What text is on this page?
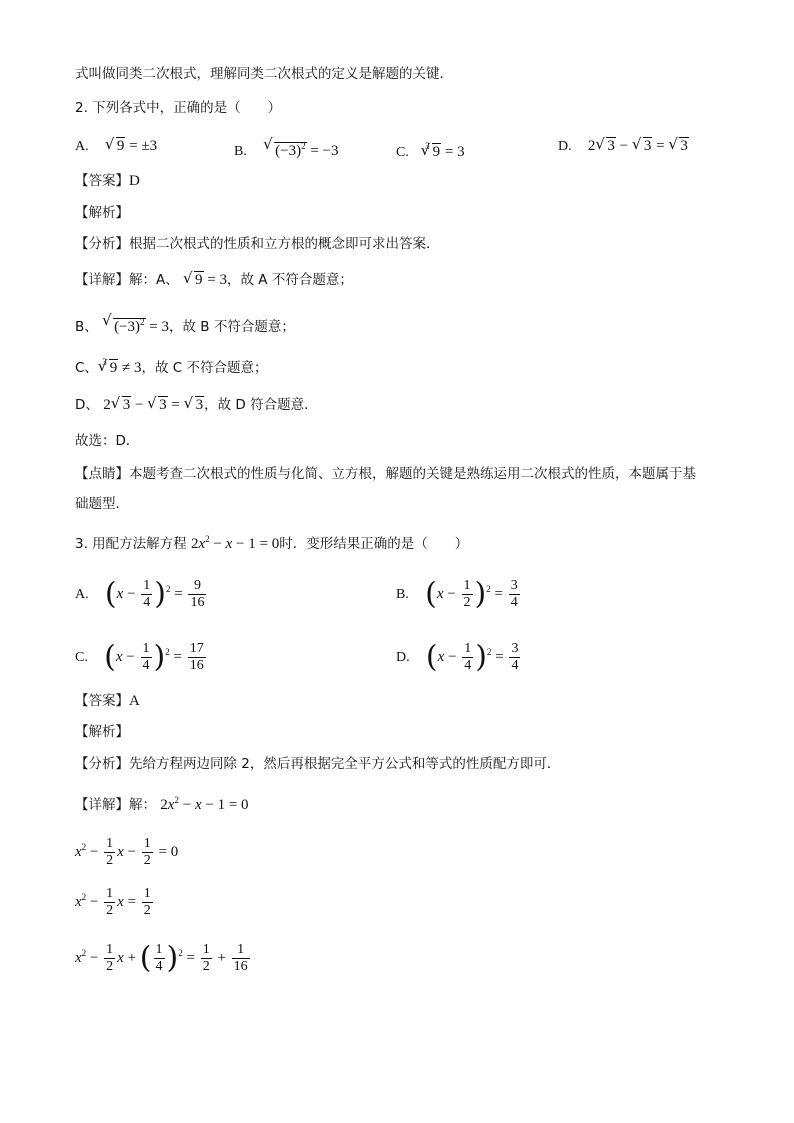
式叫做同类二次根式，理解同类二次根式的定义是解题的关键．
2. 下列各式中，正确的是（　　）
A. √ 9 = ±3	B. √ $(-3)^2 = -3$	C. $^3$ √ 9 = 3	D. 2 √ 3 − √ 3 = √ 3
【答案】D
【解析】
【分析】根据二次根式的性质和立方根的概念即可求出答案．
【详解】解：A、 √ 9 = 3，故 A 不符合题意；
B、 √ $(-3)^2 = 3$，故 B 不符合题意；
C、 $^3$ √ 9 ≠ 3，故 C 不符合题意；
D、 2 √ 3 − √ 3 = √ 3，故 D 符合题意．
故选：D．
【点睛】本题考查二次根式的性质与化简、立方根，解题的关键是熟练运用二次根式的性质，本题属于基
础题型．
3. 用配方法解方程 $2x^2 - x - 1 = 0$时．变形结果正确的是（　　）
A. $(x - \frac{1}{4} )^2 = \frac{9}{16}$	B. $(x - \frac{1}{2} )^2 = \frac{3}{4}$
C. $(x - \frac{1}{4} )^2 = \frac{17}{16}$	D. $(x - \frac{1}{4} )^2 = \frac{3}{4}$
【答案】A
【解析】
【分析】先给方程两边同除 2，然后再根据完全平方公式和等式的性质配方即可．
【详解】解： $2x^2 - x - 1 = 0$
$x^2 - \frac{1}{2}$ $x - \frac{1}{2} = 0$
$x^2 - \frac{1}{2}$ $x = \frac{1}{2}$
$x^2 - \frac{1}{2}$ x + ( $\frac{1}{4} )^2 = \frac{1}{2} + \frac{1}{16}$
